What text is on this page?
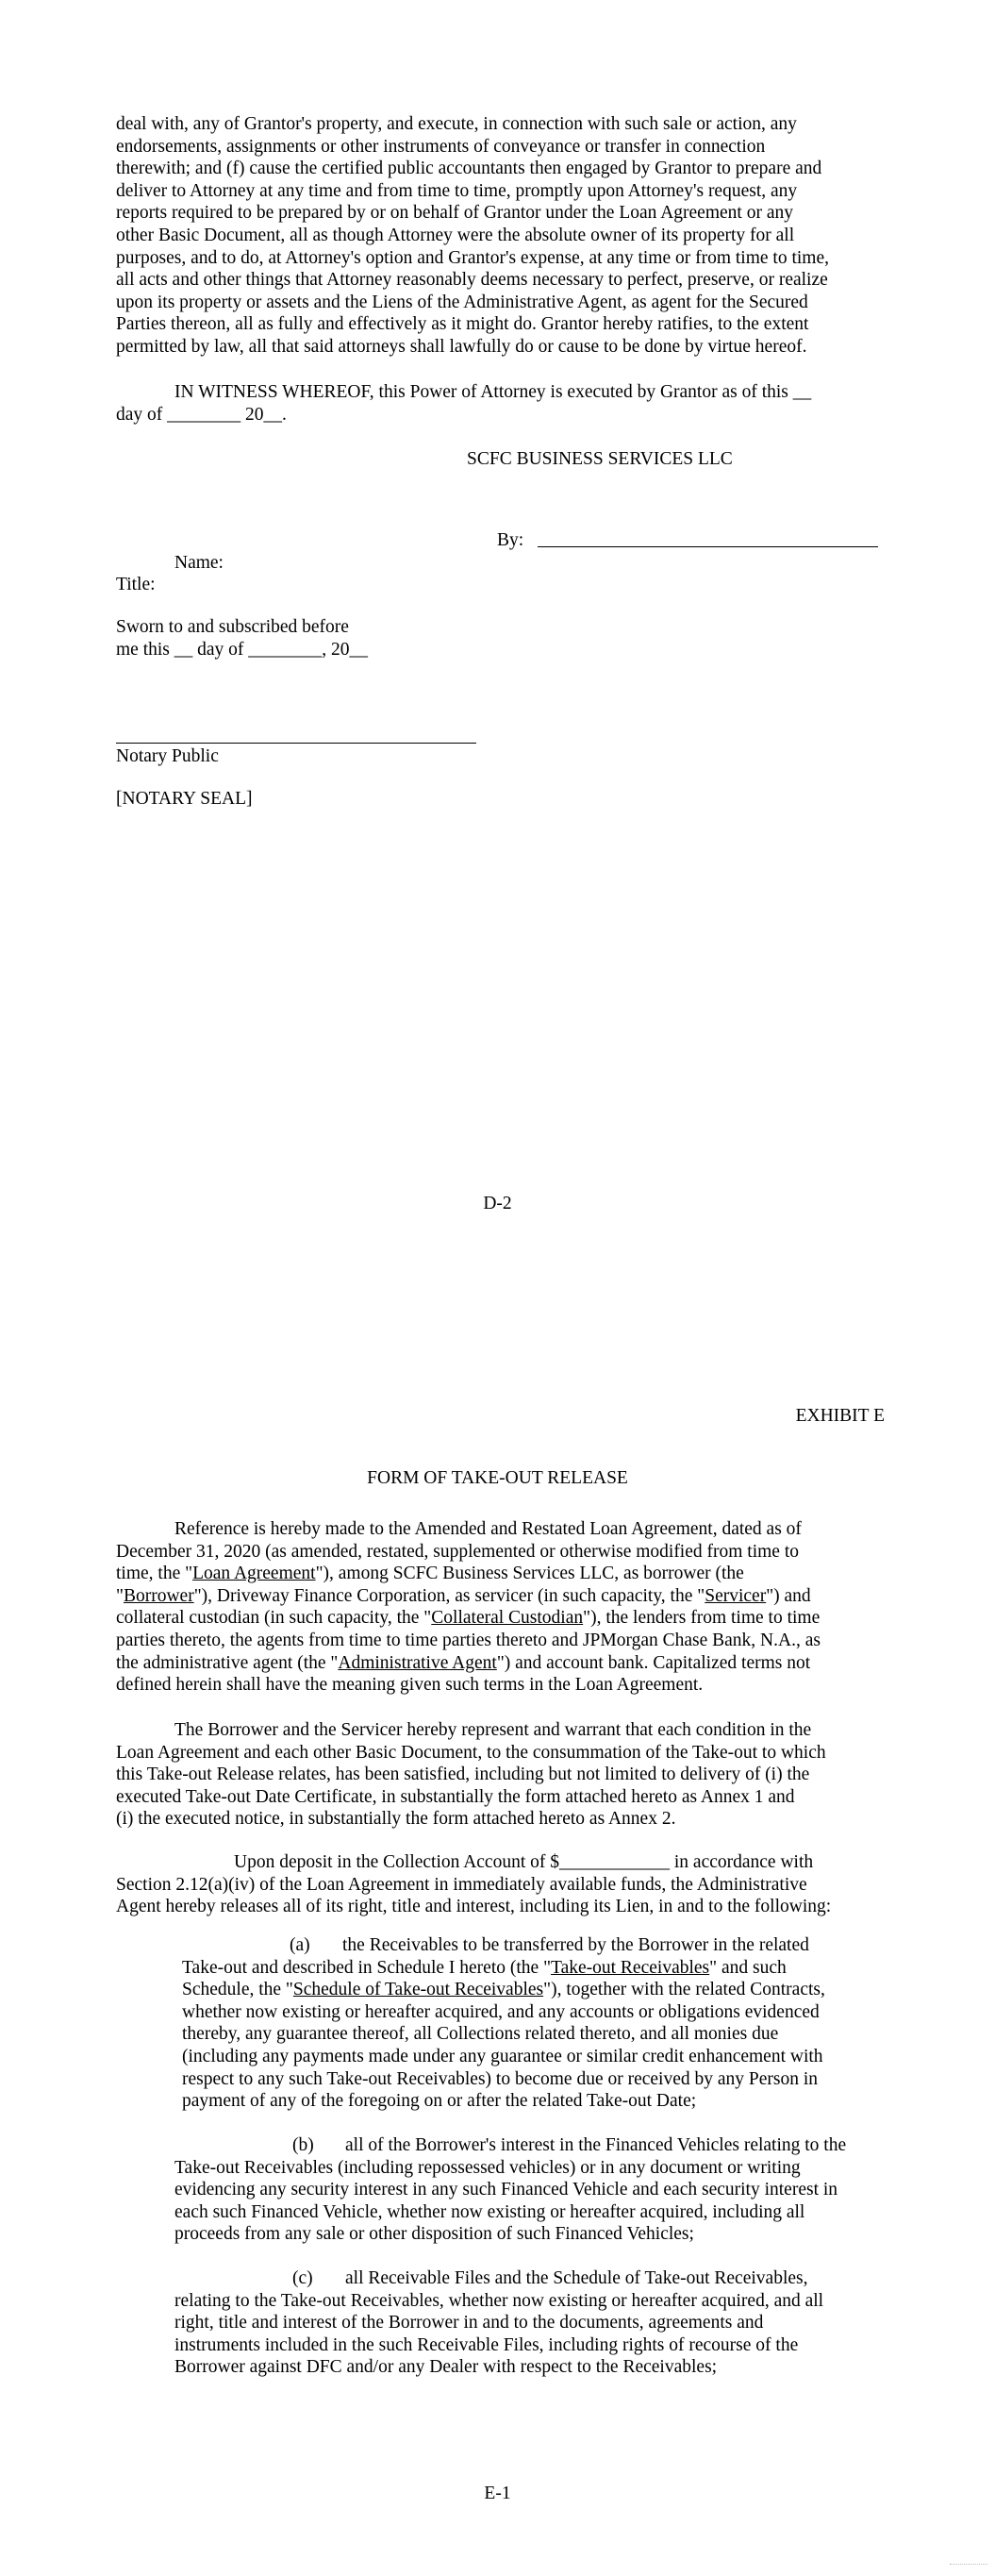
deal with, any of Grantor's property, and execute, in connection with such sale or action, any
endorsements, assignments or other instruments of conveyance or transfer in connection
therewith; and (f) cause the certified public accountants then engaged by Grantor to prepare and
deliver to Attorney at any time and from time to time, promptly upon Attorney's request, any
reports required to be prepared by or on behalf of Grantor under the Loan Agreement or any
other Basic Document, all as though Attorney were the absolute owner of its property for all
purposes, and to do, at Attorney's option and Grantor's expense, at any time or from time to time,
all acts and other things that Attorney reasonably deems necessary to perfect, preserve, or realize
upon its property or assets and the Liens of the Administrative Agent, as agent for the Secured
Parties thereon, all as fully and effectively as it might do. Grantor hereby ratifies, to the extent
permitted by law, all that said attorneys shall lawfully do or cause to be done by virtue hereof.
IN WITNESS WHEREOF, this Power of Attorney is executed by Grantor as of this __
day of ________ 20__.
SCFC BUSINESS SERVICES LLC
By:
Name:
Title:
Sworn to and subscribed before
me this __ day of ________, 20__
Notary Public
[NOTARY SEAL]
D-2
EXHIBIT E
FORM OF TAKE-OUT RELEASE
Reference is hereby made to the Amended and Restated Loan Agreement, dated as of
December 31, 2020 (as amended, restated, supplemented or otherwise modified from time to
time, the "Loan Agreement"), among SCFC Business Services LLC, as borrower (the
"Borrower"), Driveway Finance Corporation, as servicer (in such capacity, the "Servicer") and
collateral custodian (in such capacity, the "Collateral Custodian"), the lenders from time to time
parties thereto, the agents from time to time parties thereto and JPMorgan Chase Bank, N.A., as
the administrative agent (the "Administrative Agent") and account bank. Capitalized terms not
defined herein shall have the meaning given such terms in the Loan Agreement.
The Borrower and the Servicer hereby represent and warrant that each condition in the
Loan Agreement and each other Basic Document, to the consummation of the Take-out to which
this Take-out Release relates, has been satisfied, including but not limited to delivery of (i) the
executed Take-out Date Certificate, in substantially the form attached hereto as Annex 1 and
(i) the executed notice, in substantially the form attached hereto as Annex 2.
Upon deposit in the Collection Account of $____________ in accordance with
Section 2.12(a)(iv) of the Loan Agreement in immediately available funds, the Administrative
Agent hereby releases all of its right, title and interest, including its Lien, in and to the following:
(a) the Receivables to be transferred by the Borrower in the related
Take-out and described in Schedule I hereto (the "Take-out Receivables" and such
Schedule, the "Schedule of Take-out Receivables"), together with the related Contracts,
whether now existing or hereafter acquired, and any accounts or obligations evidenced
thereby, any guarantee thereof, all Collections related thereto, and all monies due
(including any payments made under any guarantee or similar credit enhancement with
respect to any such Take-out Receivables) to become due or received by any Person in
payment of any of the foregoing on or after the related Take-out Date;
(b) all of the Borrower's interest in the Financed Vehicles relating to the
Take-out Receivables (including repossessed vehicles) or in any document or writing
evidencing any security interest in any such Financed Vehicle and each security interest in
each such Financed Vehicle, whether now existing or hereafter acquired, including all
proceeds from any sale or other disposition of such Financed Vehicles;
(c) all Receivable Files and the Schedule of Take-out Receivables,
relating to the Take-out Receivables, whether now existing or hereafter acquired, and all
right, title and interest of the Borrower in and to the documents, agreements and
instruments included in the such Receivable Files, including rights of recourse of the
Borrower against DFC and/or any Dealer with respect to the Receivables;
E-1
